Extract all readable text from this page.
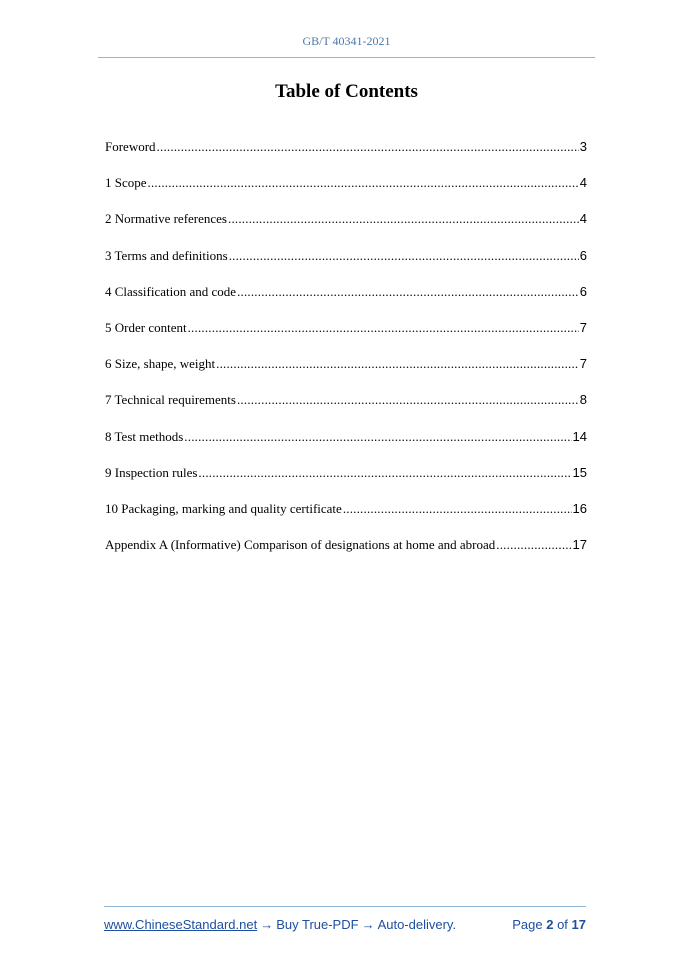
GB/T 40341-2021
Table of Contents
Foreword .....	3
1 Scope .....	4
2 Normative references .....	4
3 Terms and definitions .....	6
4 Classification and code .....	6
5 Order content .....	7
6 Size, shape, weight .....	7
7 Technical requirements .....	8
8 Test methods .....	14
9 Inspection rules .....	15
10 Packaging, marking and quality certificate .....	16
Appendix A (Informative) Comparison of designations at home and abroad .....	17
www.ChineseStandard.net → Buy True-PDF → Auto-delivery.	Page 2 of 17
